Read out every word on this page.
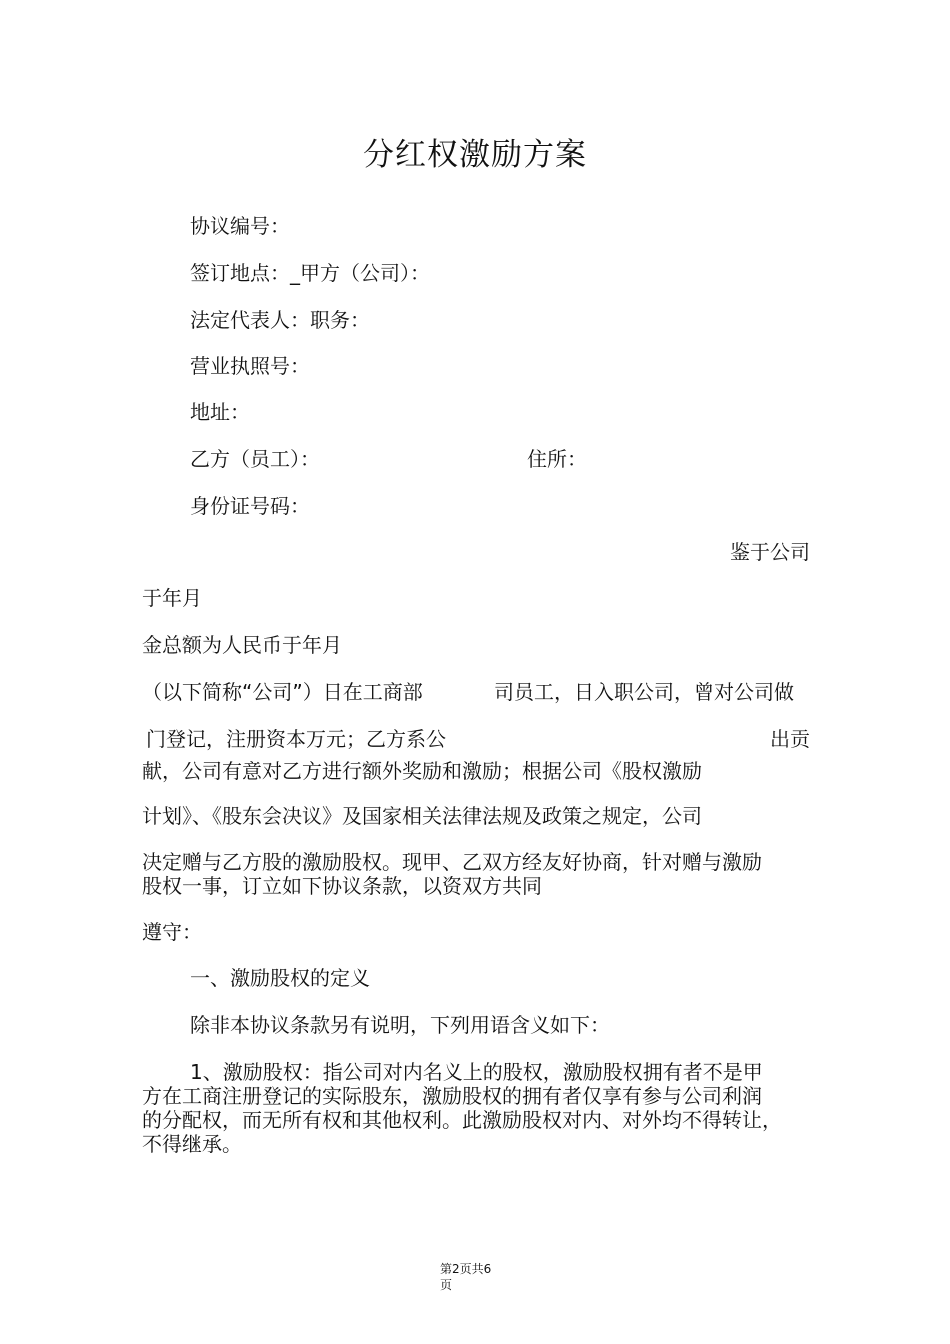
分红权激励方案
协议编号：
签订地点：_甲方（公司）：
法定代表人：职务：
营业执照号：
地址：
乙方（员工）：	住所：
身份证号码：
鉴于公司
于年月
金总额为人民币于年月
（以下简称“公司”）日在工商部	司员工，日入职公司，曾对公司做
门登记，注册资本万元；乙方系公	出贡
献，公司有意对乙方进行额外奖励和激励；根据公司《股权激励
计划》、《股东会决议》及国家相关法律法规及政策之规定，公司
决定赠与乙方股的激励股权。现甲、乙双方经友好协商，针对赠与激励
股权一事，订立如下协议条款，以资双方共同
遵守：
一、激励股权的定义
除非本协议条款另有说明，下列用语含义如下：
1、激励股权：指公司对内名义上的股权，激励股权拥有者不是甲
方在工商注册登记的实际股东，激励股权的拥有者仅享有参与公司利润
的分配权，而无所有权和其他权利。此激励股权对内、对外均不得转让，
不得继承。
第2页共6
页
